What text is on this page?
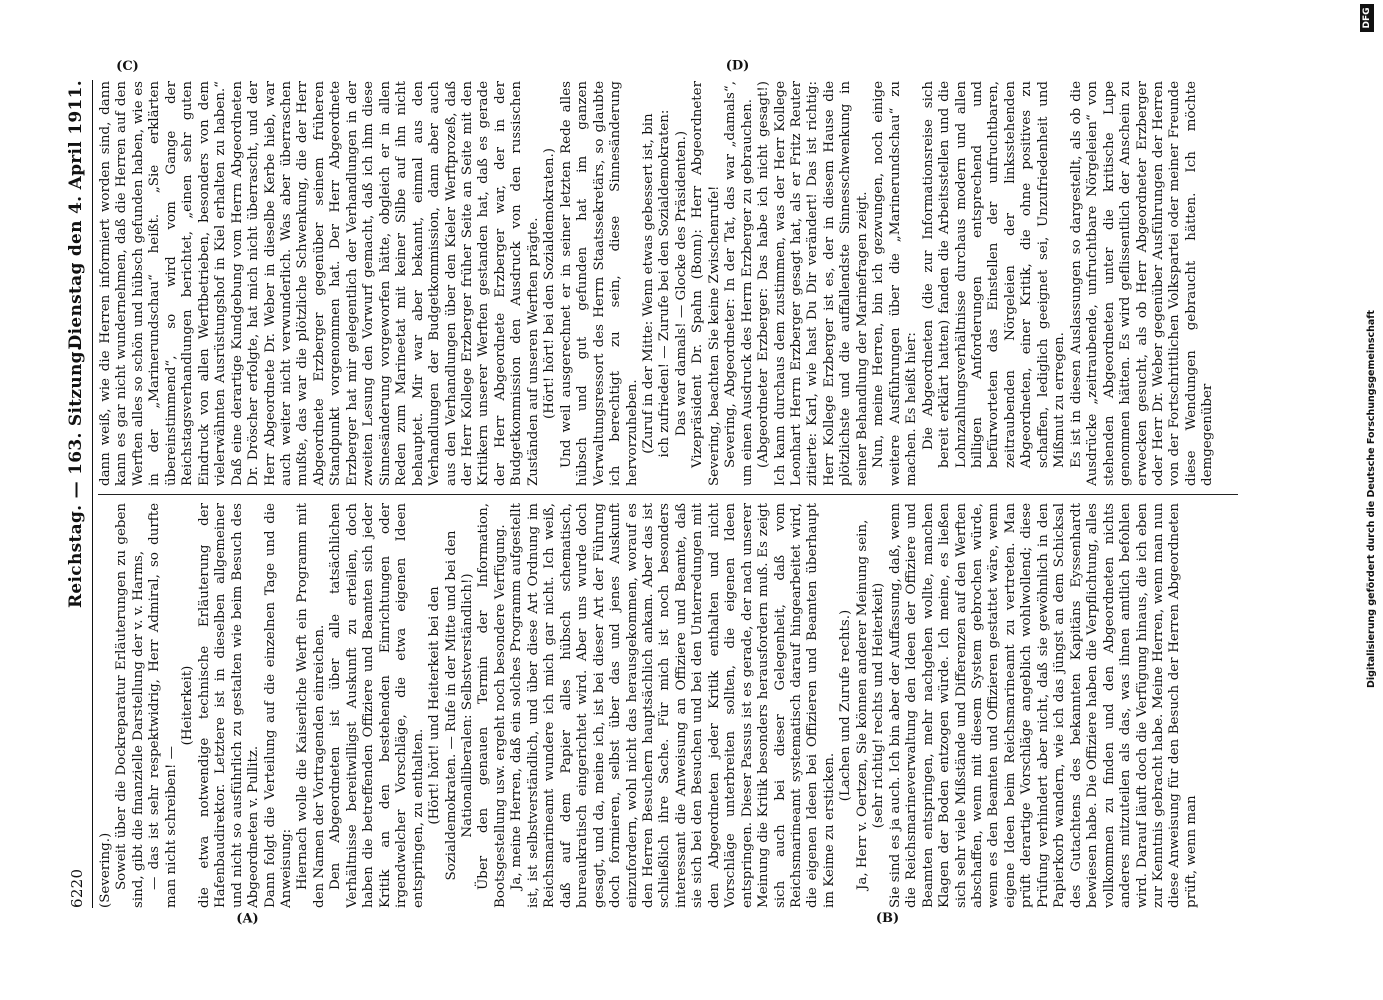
6220
Reichstag. — 163. Sitzung.
Dienstag den 4. April 1911.
(A)	(B)
(C)	(D)

(Severing.) Soweit über die Dockreparatur Erläuterungen zu geben sind, gibt die finanzielle Darstellung der v. v. Harms, — das ist sehr respektwidrig, Herr Admiral, so durfte man nicht schreiben! —

(Heiterkeit) die etwa notwendige technische Erläuterung der Hafenbaudirektor. Letztere ist in dieselben allgemeiner und nicht so ausführlich zu gestalten wie beim Besuch des Abgeordneten v. Pullitz. Dann folgt die Verteilung auf die einzelnen Tage und die Anweisung: Hiernach wolle die Kaiserliche Werft ein Programm mit den Namen der Vortragenden einreichen. Den Abgeordneten ist über alle tatsächlichen Verhältnisse bereitwilligst Auskunft zu erteilen, doch haben die betreffenden Offiziere und Beamten sich jeder Kritik an den bestehenden Einrichtungen oder irgendwelcher Vorschläge, die etwa eigenen Ideen entspringen, zu enthalten. (Hört! hört! und Heiterkeit bei den Sozialdemokraten. — Rufe in der Mitte und bei den Nationalliberalen: Selbstverständlich!) Über den genauen Termin der Information, Bootsgestellung usw. ergeht noch besondere Verfügung. Ja, meine Herren, daß ein solches Programm aufgestellt ist, ist selbstverständlich, und über diese Art Ordnung im Reichsmarineamt wundere ich mich gar nicht. Ich weiß, daß auf dem Papier alles hübsch schematisch, bureaukratisch eingerichtet wird. Aber uns wurde doch gesagt, und da, meine ich, ist bei dieser Art der Führung doch formieren, selbst über das und jenes Auskunft einzufordern, wohl nicht das herausgekommen, worauf es den Herren Besuchern hauptsächlich ankam. Aber das ist schließlich ihre Sache. Für mich ist noch besonders interessant die Anweisung an Offiziere und Beamte, daß sie sich bei den Besuchen und bei den Unterredungen mit den Abgeordneten jeder Kritik enthalten und nicht Vorschläge unterbreiten sollten, die eigenen Ideen entspringen. Dieser Passus ist es gerade, der nach unserer Meinung die Kritik besonders herausfordern muß. Es zeigt sich auch bei dieser Gelegenheit, daß vom Reichsmarineamt systematisch darauf hingearbeitet wird, die eigenen Ideen bei Offizieren und Beamten überhaupt im Keime zu ersticken.

(Lachen und Zurufe rechts.) Ja, Herr v. Oertzen, Sie können anderer Meinung sein, (sehr richtig! rechts und Heiterkeit) Sie sind es ja auch. Ich bin aber der Auffassung, daß, wenn die Reichsmarineverwaltung den Ideen der Offiziere und Beamten entspringen, mehr nachgehen wollte, manchen Klagen der Boden entzogen würde. Ich meine, es ließen sich sehr viele Mißstände und Differenzen auf den Werften abschaffen, wenn mit diesem System gebrochen würde, wenn es den Beamten und Offizieren gestattet wäre, wenn eigene Ideen beim Reichsmarineamt zu vertreten. Man prüft derartige Vorschläge angeblich wohlwollend; diese Prüfung verhindert aber nicht, daß sie gewöhnlich in den Papierkorb wandern, wie ich das jüngst an dem Schicksal des Gutachtens des bekannten Kapitäns Eyssenhardt bewiesen habe. Die Offiziere haben die Verpflichtung, alles vollkommen zu finden und den Abgeordneten nichts anderes mitzuteilen als das, was ihnen amtlich befohlen wird. Darauf läuft doch die Verfügung hinaus, die ich eben zur Kenntnis gebracht habe. Meine Herren, wenn man nun diese Anweisung für den Besuch der Herren Abgeordneten prüft, wenn man

dann weiß, wie die Herren informiert worden sind, dann kann es gar nicht wundernehmen, daß die Herren auf den Werften alles so schön und hübsch gefunden haben, wie es in der „Marinerundschau“ heißt. „Sie erklärten übereinstimmend“, so wird vom Gange der Reichstagsverhandlungen berichtet, „einen sehr guten Eindruck von allen Werftbetrieben, besonders von dem vielerwähnten Ausrüstungshof in Kiel erhalten zu haben.“ Daß eine derartige Kundgebung vom Herrn Abgeordneten Dr. Dröscher erfolgte, hat mich nicht überrascht, und der Herr Abgeordnete Dr. Weber in dieselbe Kerbe hieb, war auch weiter nicht verwunderlich. Was aber überraschen mußte, das war die plötzliche Schwenkung, die der Herr Abgeordnete Erzberger gegenüber seinem früheren Standpunkt vorgenommen hat. Der Herr Abgeordnete Erzberger hat mir gelegentlich der Verhandlungen in der zweiten Lesung den Vorwurf gemacht, daß ich ihm diese Sinnesänderung vorgeworfen hätte, obgleich er in allen Reden zum Marineetat mit keiner Silbe auf ihn nicht behauptet. Mir war aber bekannt, einmal aus den Verhandlungen der Budgetkommission, dann aber auch aus den Verhandlungen über den Kieler Werftprozeß, daß der Herr Kollege Erzberger früher Seite an Seite mit den Kritikern unserer Werften gestanden hat, daß es gerade der Herr Abgeordnete Erzberger war, der in der Budgetkommission den Ausdruck von den russischen Zuständen auf unseren Werften prägte. (Hört! hört! bei den Sozialdemokraten.) Und weil ausgerechnet er in seiner letzten Rede alles hübsch und gut gefunden hat im ganzen Verwaltungsressort des Herrn Staatssekretärs, so glaubte ich berechtigt zu sein, diese Sinnesänderung hervorzuheben. (Zuruf in der Mitte: Wenn etwas gebessert ist, bin ich zufrieden! — Zurufe bei den Sozialdemokraten: Das war damals! — Glocke des Präsidenten.) Vizepräsident Dr. Spahn (Bonn): Herr Abgeordneter Severing, beachten Sie keine Zwischenrufe! Severing, Abgeordneter: In der Tat, das war „damals“, um einen Ausdruck des Herrn Erzberger zu gebrauchen. (Abgeordneter Erzberger: Das habe ich nicht gesagt!) Ich kann durchaus dem zustimmen, was der Herr Kollege Leonhart Herrn Erzberger gesagt hat, als er Fritz Reuter zitierte: Karl, wie hast Du Dir verändert! Das ist richtig: Herr Kollege Erzberger ist es, der in diesem Hause die plötzlichste und die auffallendste Sinnesschwenkung in seiner Behandlung der Marinefragen zeigt. Nun, meine Herren, bin ich gezwungen, noch einige weitere Ausführungen über die „Marinerundschau“ zu machen. Es heißt hier: Die Abgeordneten (die zur Informationsreise sich bereit erklärt hatten) fanden die Arbeitsstellen und die Lohnzahlungsverhältnisse durchaus modern und allen billigen Anforderungen entsprechend und befürworteten das Einstellen der unfruchtbaren, zeitraubenden Nörgeleien der linksstehenden Abgeordneten, einer Kritik, die ohne positives zu schaffen, lediglich geeignet sei, Unzufriedenheit und Mißmut zu erregen. Es ist in diesen Auslassungen so dargestellt, als ob die Ausdrücke „zeitraubende, unfruchtbare Nörgeleien“ von stehenden Abgeordneten unter die kritische Lupe genommen hätten. Es wird geflissentlich der Anschein zu erwecken gesucht, als ob Herr Abgeordneter Erzberger oder Herr Dr. Weber gegenüber Ausführungen der Herren von der Fortschrittlichen Volkspartei oder meiner Freunde diese Wendungen gebraucht hätten. Ich möchte demgegenüber	Digitalisierung gefördert durch die Deutsche Forschungsgemeinschaft
DFG
